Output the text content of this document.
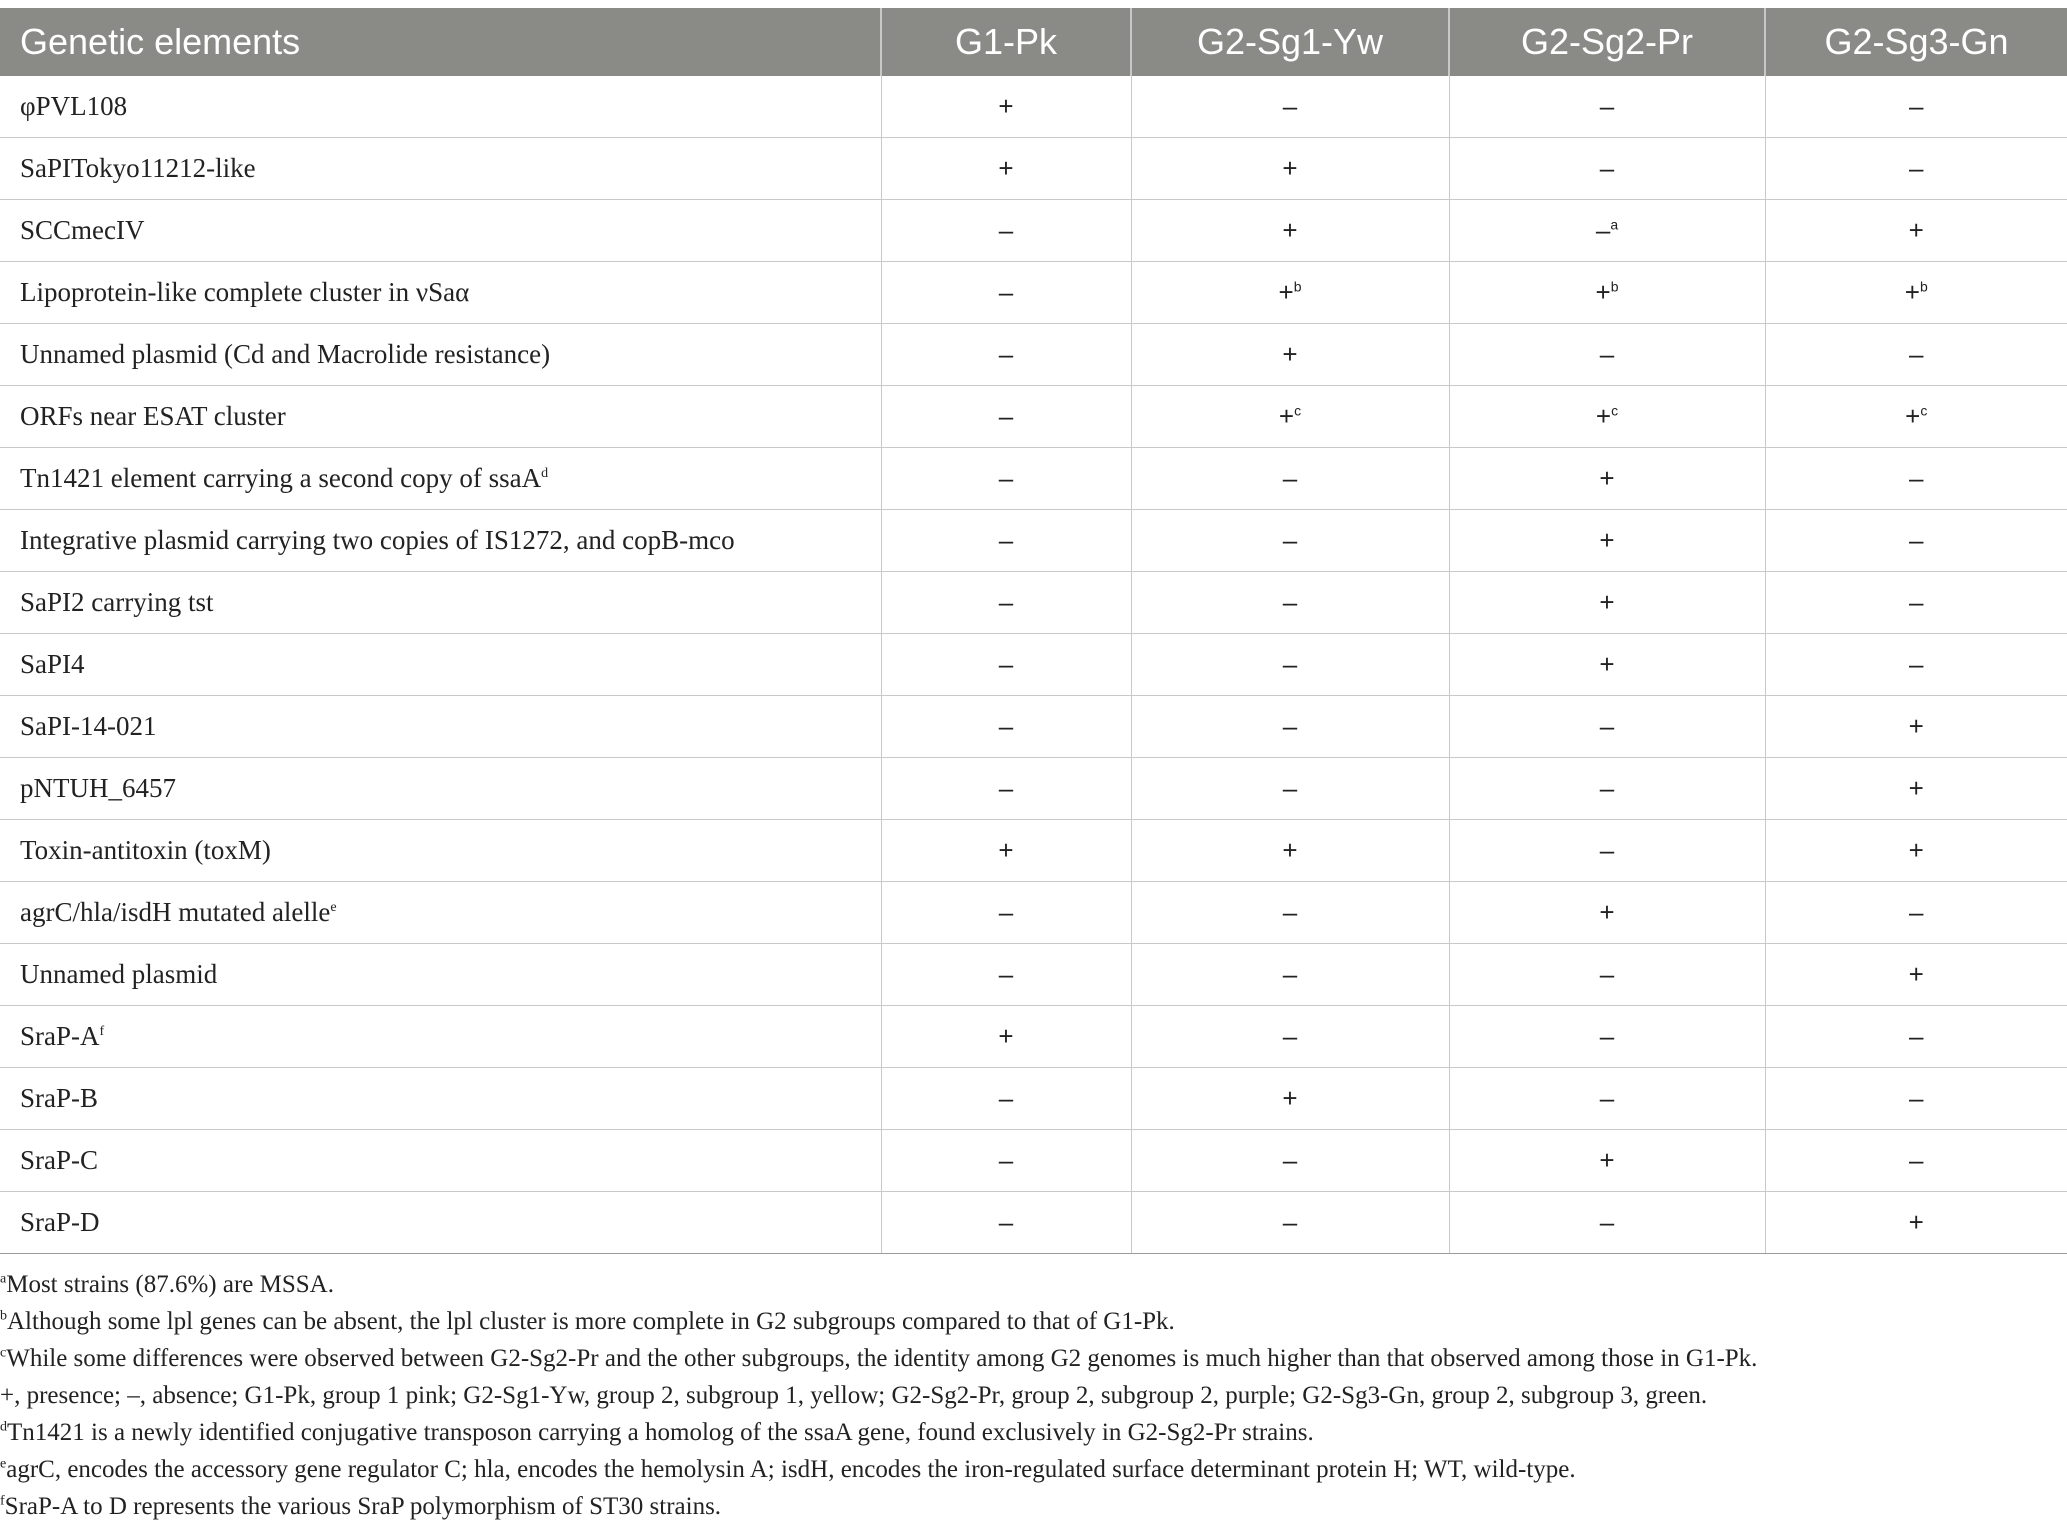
Genetic elements	G1-Pk	G2-Sg1-Yw	G2-Sg2-Pr	G2-Sg3-Gn
φPVL108	+	–	–	–
SaPITokyo11212-like	+	+	–	–
SCCmecIV	–	+	–$^a$	+
Lipoprotein-like complete cluster in νSaα	–	+$^b$	+$^b$	+$^b$
Unnamed plasmid (Cd and Macrolide resistance)	–	+	–	–
ORFs near ESAT cluster	–	+$^c$	+$^c$	+$^c$
Tn1421 element carrying a second copy of ssaA$^d$	–	–	+	–
Integrative plasmid carrying two copies of IS1272, and copB-mco	–	–	+	–
SaPI2 carrying tst	–	–	+	–
SaPI4	–	–	+	–
SaPI-14-021	–	–	–	+
pNTUH_6457	–	–	–	+
Toxin-antitoxin (toxM)	+	+	–	+
agrC/hla/isdH mutated alelle$^e$	–	–	+	–
Unnamed plasmid	–	–	–	+
SraP-$A^f$	+	–	–	–
SraP-B	–	+	–	–
SraP-C	–	–	+	–
SraP-D	–	–	–	+
$^a$Most strains (87.6%) are MSSA.
$^b$Although some lpl genes can be absent, the lpl cluster is more complete in G2 subgroups compared to that of G1-Pk.
$^c$While some differences were observed between G2-Sg2-Pr and the other subgroups, the identity among G2 genomes is much higher than that observed among those in G1-Pk.
+, presence; –, absence; G1-Pk, group 1 pink; G2-Sg1-Yw, group 2, subgroup 1, yellow; G2-Sg2-Pr, group 2, subgroup 2, purple; G2-Sg3-Gn, group 2, subgroup 3, green.
$^d$Tn1421 is a newly identified conjugative transposon carrying a homolog of the ssaA gene, found exclusively in G2-Sg2-Pr strains.
$^e$agrC, encodes the accessory gene regulator C; hla, encodes the hemolysin A; isdH, encodes the iron-regulated surface determinant protein H; WT, wild-type.
$^f$SraP-A to D represents the various SraP polymorphism of ST30 strains.
